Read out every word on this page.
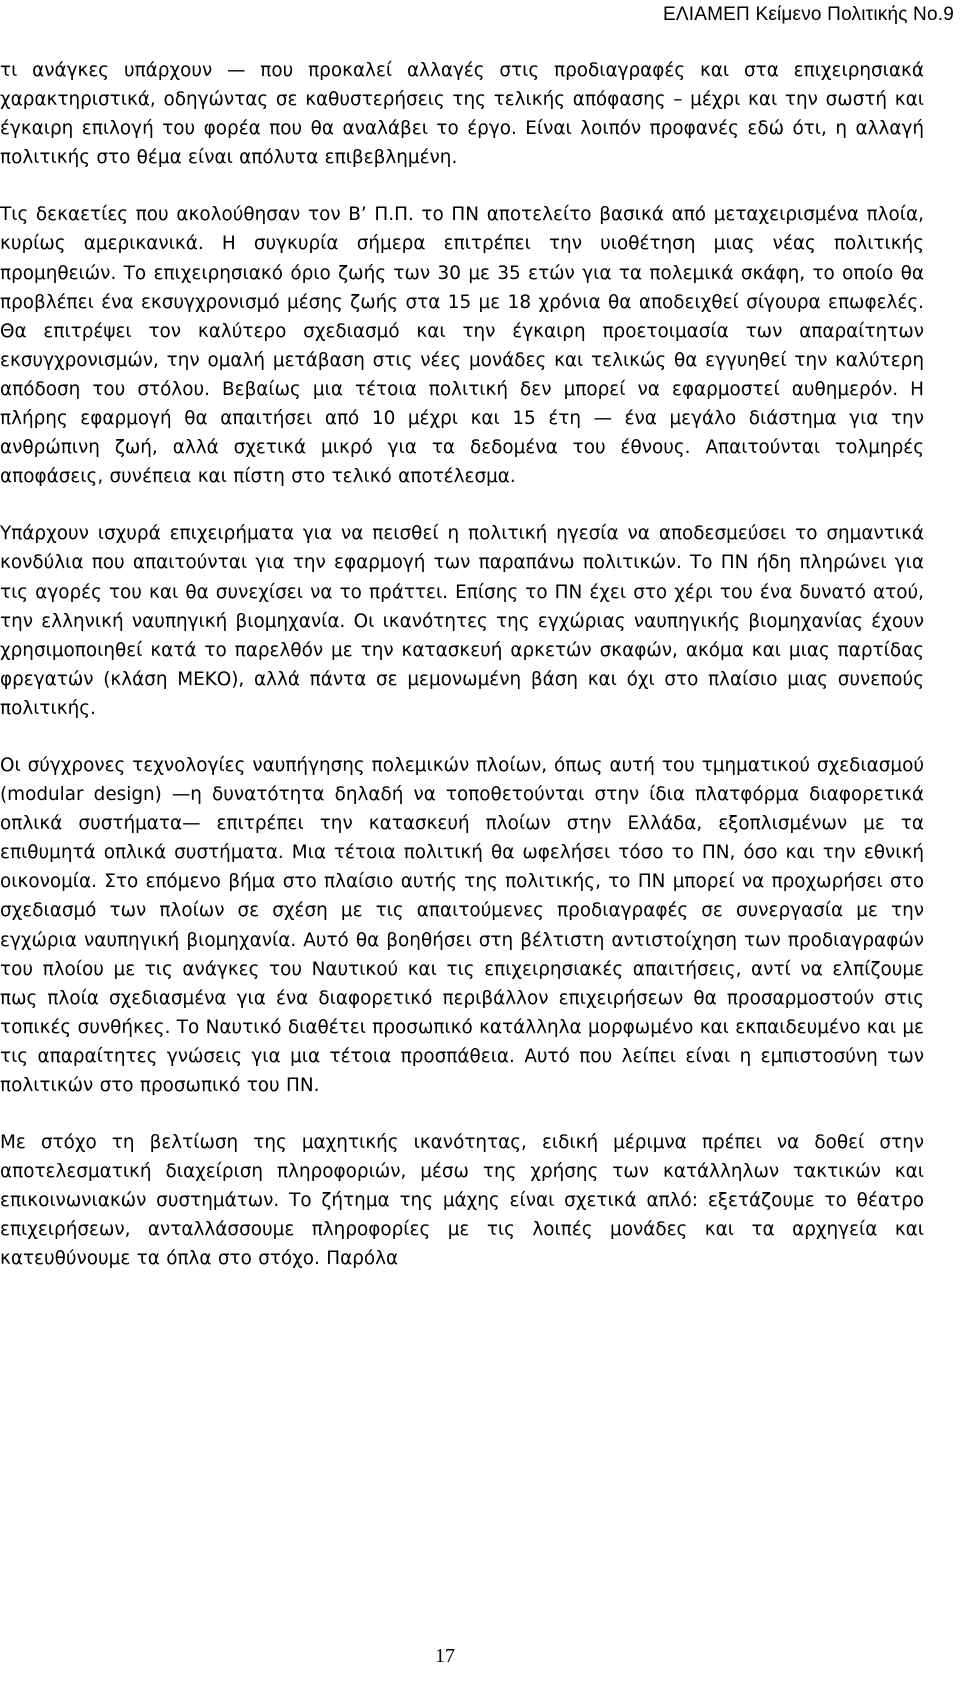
ΕΛΙΑΜΕΠ Κείμενο Πολιτικής No.9

τι ανάγκες υπάρχουν — που προκαλεί αλλαγές στις προδιαγραφές και στα επιχειρησιακά χαρακτηριστικά, οδηγώντας σε καθυστερήσεις της τελικής απόφασης – μέχρι και την σωστή και έγκαιρη επιλογή του φορέα που θα αναλάβει το έργο. Είναι λοιπόν προφανές εδώ ότι, η αλλαγή πολιτικής στο θέμα είναι απόλυτα επιβεβλημένη.

Τις δεκαετίες που ακολούθησαν τον Β’ Π.Π. το ΠΝ αποτελείτο βασικά από μεταχειρισμένα πλοία, κυρίως αμερικανικά. Η συγκυρία σήμερα επιτρέπει την υιοθέτηση μιας νέας πολιτικής προμηθειών. Το επιχειρησιακό όριο ζωής των 30 με 35 ετών για τα πολεμικά σκάφη, το οποίο θα προβλέπει ένα εκσυγχρονισμό μέσης ζωής στα 15 με 18 χρόνια θα αποδειχθεί σίγουρα επωφελές. Θα επιτρέψει τον καλύτερο σχεδιασμό και την έγκαιρη προετοιμασία των απαραίτητων εκσυγχρονισμών, την ομαλή μετάβαση στις νέες μονάδες και τελικώς θα εγγυηθεί την καλύτερη απόδοση του στόλου. Βεβαίως μια τέτοια πολιτική δεν μπορεί να εφαρμοστεί αυθημερόν. Η πλήρης εφαρμογή θα απαιτήσει από 10 μέχρι και 15 έτη — ένα μεγάλο διάστημα για την ανθρώπινη ζωή, αλλά σχετικά μικρό για τα δεδομένα του έθνους. Απαιτούνται τολμηρές αποφάσεις, συνέπεια και πίστη στο τελικό αποτέλεσμα.

Υπάρχουν ισχυρά επιχειρήματα για να πεισθεί η πολιτική ηγεσία να αποδεσμεύσει το σημαντικά κονδύλια που απαιτούνται για την εφαρμογή των παραπάνω πολιτικών. Το ΠΝ ήδη πληρώνει για τις αγορές του και θα συνεχίσει να το πράττει. Επίσης το ΠΝ έχει στο χέρι του ένα δυνατό ατού, την ελληνική ναυπηγική βιομηχανία. Οι ικανότητες της εγχώριας ναυπηγικής βιομηχανίας έχουν χρησιμοποιηθεί κατά το παρελθόν με την κατασκευή αρκετών σκαφών, ακόμα και μιας παρτίδας φρεγατών (κλάση ΜΕΚΟ), αλλά πάντα σε μεμονωμένη βάση και όχι στο πλαίσιο μιας συνεπούς πολιτικής.

Οι σύγχρονες τεχνολογίες ναυπήγησης πολεμικών πλοίων, όπως αυτή του τμηματικού σχεδιασμού (modular design) —η δυνατότητα δηλαδή να τοποθετούνται στην ίδια πλατφόρμα διαφορετικά οπλικά συστήματα— επιτρέπει την κατασκευή πλοίων στην Ελλάδα, εξοπλισμένων με τα επιθυμητά οπλικά συστήματα. Μια τέτοια πολιτική θα ωφελήσει τόσο το ΠΝ, όσο και την εθνική οικονομία. Στο επόμενο βήμα στο πλαίσιο αυτής της πολιτικής, το ΠΝ μπορεί να προχωρήσει στο σχεδιασμό των πλοίων σε σχέση με τις απαιτούμενες προδιαγραφές σε συνεργασία με την εγχώρια ναυπηγική βιομηχανία. Αυτό θα βοηθήσει στη βέλτιστη αντιστοίχηση των προδιαγραφών του πλοίου με τις ανάγκες του Ναυτικού και τις επιχειρησιακές απαιτήσεις, αντί να ελπίζουμε πως πλοία σχεδιασμένα για ένα διαφορετικό περιβάλλον επιχειρήσεων θα προσαρμοστούν στις τοπικές συνθήκες. Το Ναυτικό διαθέτει προσωπικό κατάλληλα μορφωμένο και εκπαιδευμένο και με τις απαραίτητες γνώσεις για μια τέτοια προσπάθεια. Αυτό που λείπει είναι η εμπιστοσύνη των πολιτικών στο προσωπικό του ΠΝ.

Με στόχο τη βελτίωση της μαχητικής ικανότητας, ειδική μέριμνα πρέπει να δοθεί στην αποτελεσματική διαχείριση πληροφοριών, μέσω της χρήσης των κατάλληλων τακτικών και επικοινωνιακών συστημάτων. Το ζήτημα της μάχης είναι σχετικά απλό: εξετάζουμε το θέατρο επιχειρήσεων, ανταλλάσσουμε πληροφορίες με τις λοιπές μονάδες και τα αρχηγεία και κατευθύνουμε τα όπλα στο στόχο. Παρόλα

17
